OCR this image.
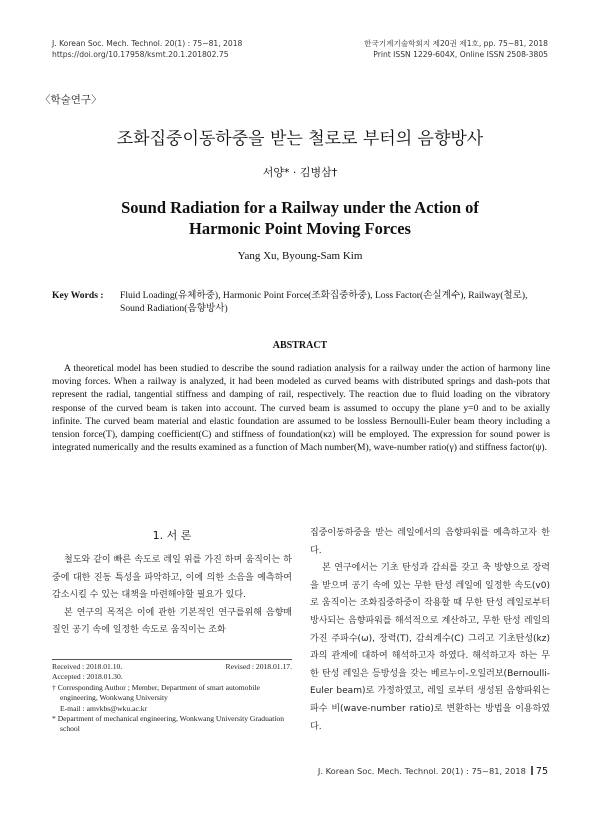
J. Korean Soc. Mech. Technol. 20(1) : 75~81, 2018
https://doi.org/10.17958/ksmt.20.1.201802.75
한국기계기술학회지 제20권 제1호, pp. 75~81, 2018
Print ISSN 1229-604X, Online ISSN 2508-3805
〈학술연구〉
조화집중이동하중을 받는 철로로 부터의 음향방사
서양* · 김병삼†
Sound Radiation for a Railway under the Action of
Harmonic Point Moving Forces
Yang Xu, Byoung-Sam Kim
Key Words : Fluid Loading(유체하중), Harmonic Point Force(조화집중하중), Loss Factor(손실계수), Railway(철로), Sound Radiation(음향방사)
ABSTRACT
A theoretical model has been studied to describe the sound radiation analysis for a railway under the action of harmony line moving forces. When a railway is analyzed, it had been modeled as curved beams with distributed springs and dash-pots that represent the radial, tangential stiffness and damping of rail, respectively. The reaction due to fluid loading on the vibratory response of the curved beam is taken into account. The curved beam is assumed to occupy the plane y=0 and to be axially infinite. The curved beam material and elastic foundation are assumed to be lossless Bernoulli-Euler beam theory including a tension force(T), damping coefficient(C) and stiffness of foundation(κz) will be employed. The expression for sound power is integrated numerically and the results examined as a function of Mach number(M), wave-number ratio(γ) and stiffness factor(ψ).
1. 서 론

철도와 같이 빠른 속도로 레일 위를 가진 하며 움직이는 하중에 대한 진동 특성을 파악하고, 이에 의한 소음을 예측하여 감소시킬 수 있는 대책을 마련해야할 필요가 있다.

본 연구의 목적은 이에 관한 기본적인 연구를위해 음향매질인 공기 속에 일정한 속도로 움직이는 조화

Received : 2018.01.10.	Revised : 2018.01.17.
Accepted : 2018.01.30.
† Corresponding Author ; Member, Department of smart automobile engineering, Wonkwang University
E-mail : amvkbs@wku.ac.kr
* Department of mechanical engineering, Wonkwang University Graduation school

집중이동하중을 받는 레일에서의 음향파워를 예측하고자 한다.

본 연구에서는 기초 탄성과 감쇠를 갖고 축 방향으로 장력을 받으며 공기 속에 있는 무한 탄성 레일에 일정한 속도(v0)로 움직이는 조화집중하중이 작용할 때 무한 탄성 레일로부터 방사되는 음향파워를 해석적으로 계산하고, 무한 탄성 레일의 가진 주파수(ω), 장력(T), 감쇠계수(C) 그리고 기초탄성(kz)과의 관계에 대하여 해석하고자 하였다. 해석하고자 하는 무한 탄성 레일은 등방성을 갖는 베르누이-오일러보(Bernoulli-Euler beam)로 가정하였고, 레일 로부터 생성된 음향파워는 파수 비(wave-number ratio)로 변환하는 방법을 이용하였다.

J. Korean Soc. Mech. Technol. 20(1) : 75~81, 2018 75
